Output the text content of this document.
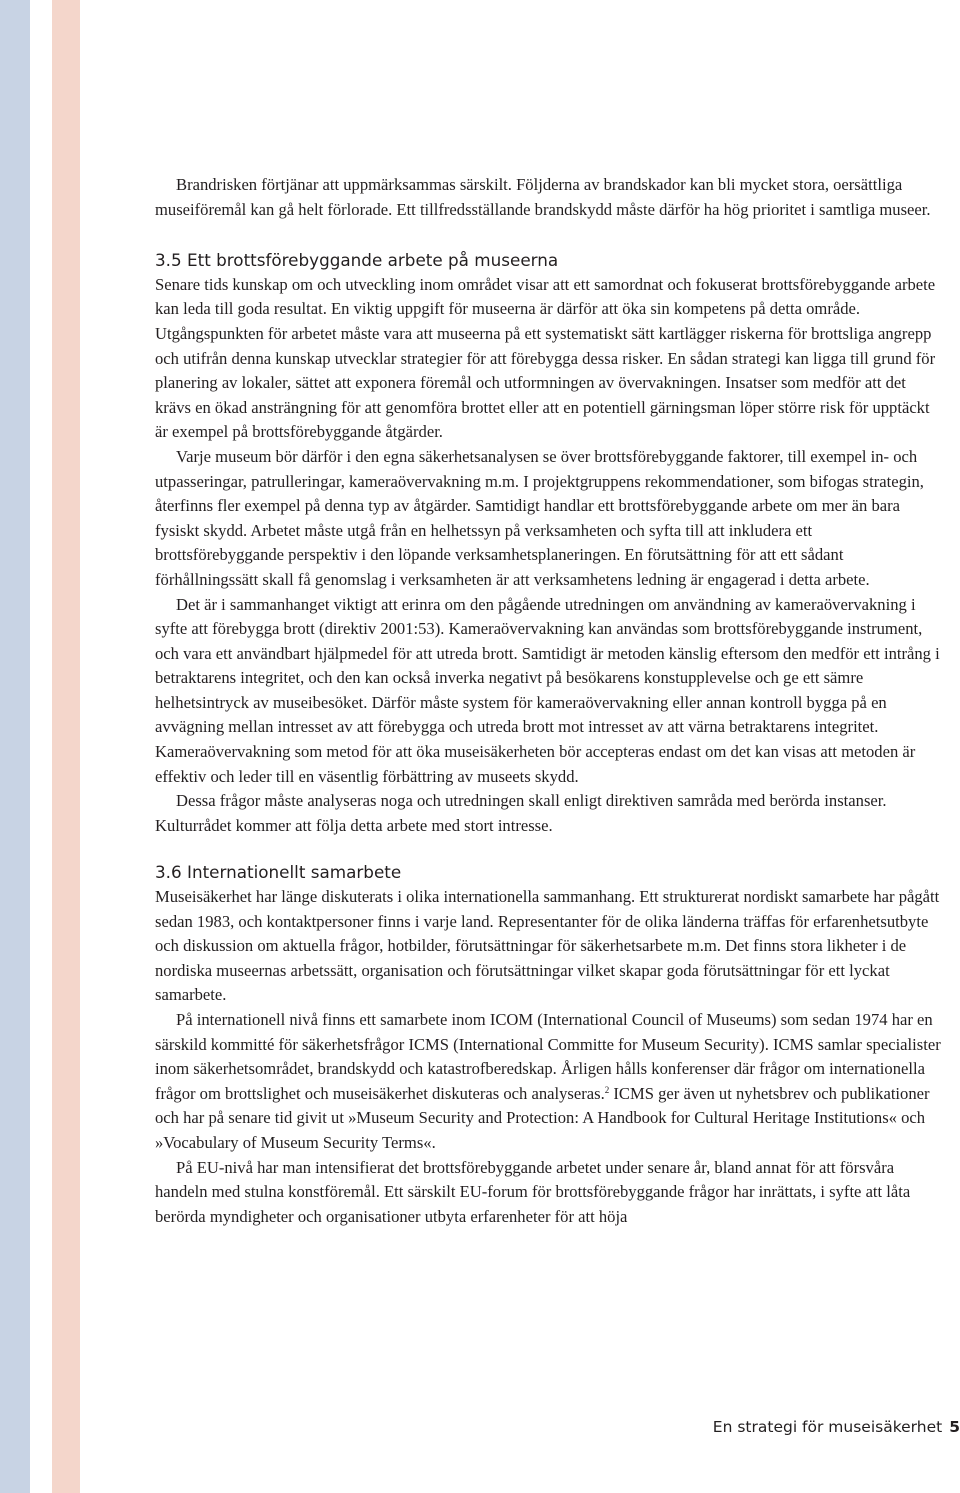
Brandrisken förtjänar att uppmärksammas särskilt. Följderna av brandskador kan bli mycket stora, oersättliga museiföremål kan gå helt förlorade. Ett tillfredsställande brandskydd måste därför ha hög prioritet i samtliga museer.

3.5 Ett brottsförebyggande arbete på museerna

Senare tids kunskap om och utveckling inom området visar att ett samordnat och fokuserat brottsförebyggande arbete kan leda till goda resultat. En viktig uppgift för museerna är därför att öka sin kompetens på detta område. Utgångspunkten för arbetet måste vara att museerna på ett systematiskt sätt kartlägger riskerna för brottsliga angrepp och utifrån denna kunskap utvecklar strategier för att förebygga dessa risker. En sådan strategi kan ligga till grund för planering av lokaler, sättet att exponera föremål och utformningen av övervakningen. Insatser som medför att det krävs en ökad ansträngning för att genomföra brottet eller att en potentiell gärningsman löper större risk för upptäckt är exempel på brottsförebyggande åtgärder.

Varje museum bör därför i den egna säkerhetsanalysen se över brottsförebyggande faktorer, till exempel in- och utpasseringar, patrulleringar, kameraövervakning m.m. I projektgruppens rekommendationer, som bifogas strategin, återfinns fler exempel på denna typ av åtgärder. Samtidigt handlar ett brottsförebyggande arbete om mer än bara fysiskt skydd. Arbetet måste utgå från en helhetssyn på verksamheten och syfta till att inkludera ett brottsförebyggande perspektiv i den löpande verksamhetsplaneringen. En förutsättning för att ett sådant förhållningssätt skall få genomslag i verksamheten är att verksamhetens ledning är engagerad i detta arbete.

Det är i sammanhanget viktigt att erinra om den pågående utredningen om användning av kameraövervakning i syfte att förebygga brott (direktiv 2001:53). Kameraövervakning kan användas som brottsförebyggande instrument, och vara ett användbart hjälpmedel för att utreda brott. Samtidigt är metoden känslig eftersom den medför ett intrång i betraktarens integritet, och den kan också inverka negativt på besökarens konstupplevelse och ge ett sämre helhetsintryck av museibesöket. Därför måste system för kameraövervakning eller annan kontroll bygga på en avvägning mellan intresset av att förebygga och utreda brott mot intresset av att värna betraktarens integritet. Kameraövervakning som metod för att öka museisäkerheten bör accepteras endast om det kan visas att metoden är effektiv och leder till en väsentlig förbättring av museets skydd.

Dessa frågor måste analyseras noga och utredningen skall enligt direktiven samråda med berörda instanser. Kulturrådet kommer att följa detta arbete med stort intresse.

3.6 Internationellt samarbete

Museisäkerhet har länge diskuterats i olika internationella sammanhang. Ett strukturerat nordiskt samarbete har pågått sedan 1983, och kontaktpersoner finns i varje land. Representanter för de olika länderna träffas för erfarenhetsutbyte och diskussion om aktuella frågor, hotbilder, förutsättningar för säkerhetsarbete m.m. Det finns stora likheter i de nordiska museernas arbetssätt, organisation och förutsättningar vilket skapar goda förutsättningar för ett lyckat samarbete.

På internationell nivå finns ett samarbete inom ICOM (International Council of Museums) som sedan 1974 har en särskild kommitté för säkerhetsfrågor ICMS (International Committe for Museum Security). ICMS samlar specialister inom säkerhetsområdet, brandskydd och katastrofberedskap. Årligen hålls konferenser där frågor om internationella frågor om brottslighet och museisäkerhet diskuteras och analyseras.$^2$ ICMS ger även ut nyhetsbrev och publikationer och har på senare tid givit ut »Museum Security and Protection: A Handbook for Cultural Heritage Institutions« och »Vocabulary of Museum Security Terms«.

På EU-nivå har man intensifierat det brottsförebyggande arbetet under senare år, bland annat för att försvåra handeln med stulna konstföremål. Ett särskilt EU-forum för brottsförebyggande frågor har inrättats, i syfte att låta berörda myndigheter och organisationer utbyta erfarenheter för att höja

En strategi för museisäkerhet 5
